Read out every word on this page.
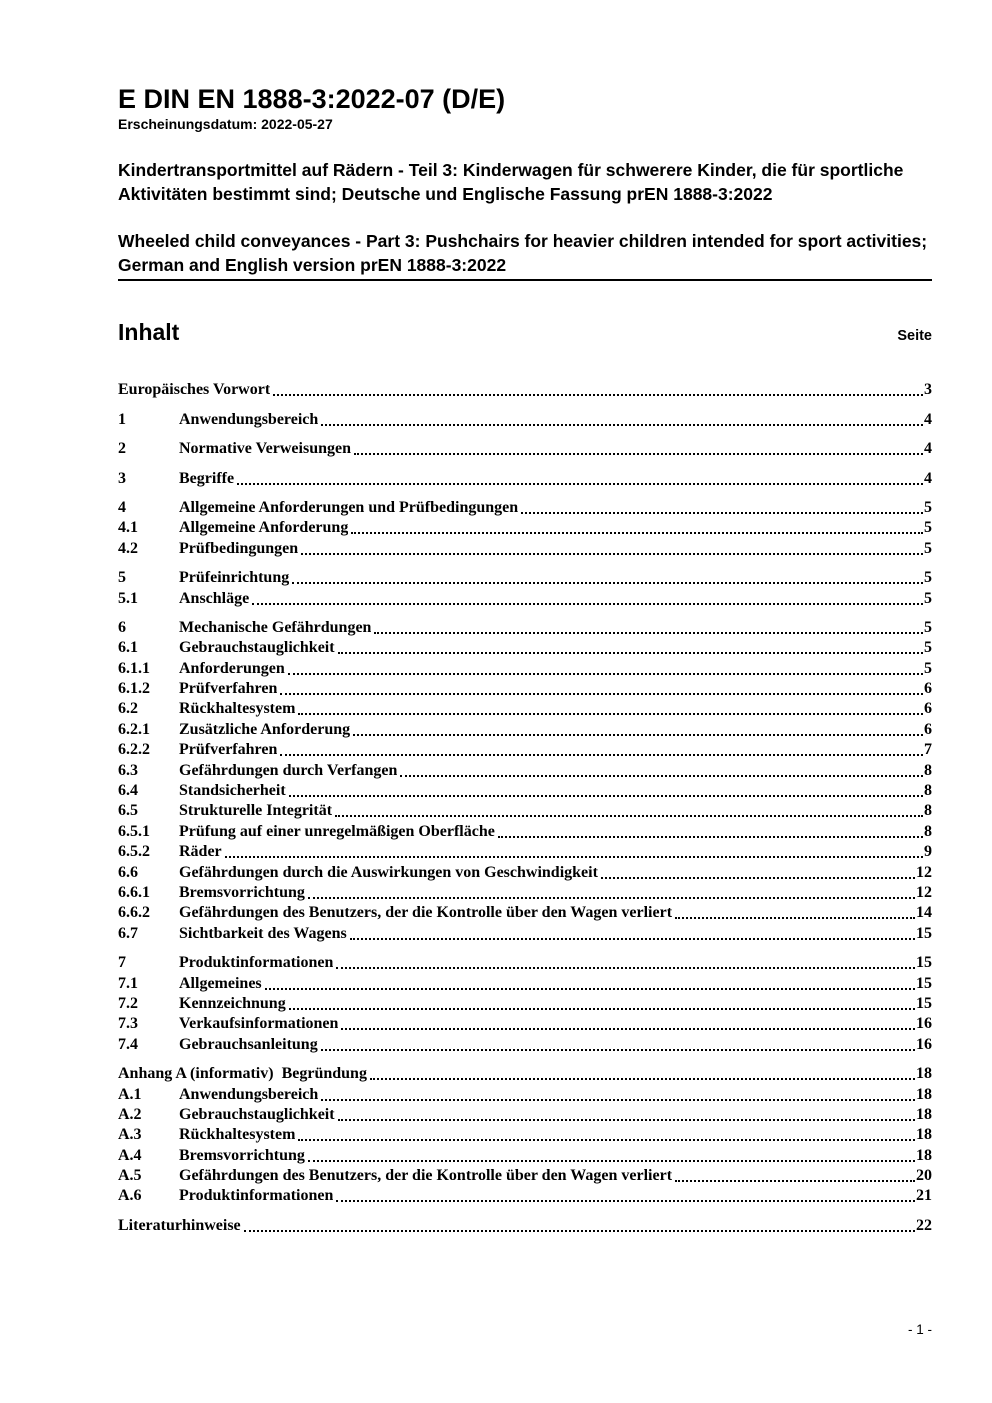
E DIN EN 1888-3:2022-07 (D/E)
Erscheinungsdatum: 2022-05-27

Kindertransportmittel auf Rädern - Teil 3: Kinderwagen für schwerere Kinder, die für sportliche Aktivitäten bestimmt sind; Deutsche und Englische Fassung prEN 1888-3:2022

Wheeled child conveyances - Part 3: Pushchairs for heavier children intended for sport activities; German and English version prEN 1888-3:2022

Inhalt	Seite
Europäisches Vorwort	3
1	Anwendungsbereich	4
2	Normative Verweisungen	4
3	Begriffe	4
4	Allgemeine Anforderungen und Prüfbedingungen	5
4.1	Allgemeine Anforderung	5
4.2	Prüfbedingungen	5
5	Prüfeinrichtung	5
5.1	Anschläge	5
6	Mechanische Gefährdungen	5
6.1	Gebrauchstauglichkeit	5
6.1.1	Anforderungen	5
6.1.2	Prüfverfahren	6
6.2	Rückhaltesystem	6
6.2.1	Zusätzliche Anforderung	6
6.2.2	Prüfverfahren	7
6.3	Gefährdungen durch Verfangen	8
6.4	Standsicherheit	8
6.5	Strukturelle Integrität	8
6.5.1	Prüfung auf einer unregelmäßigen Oberfläche	8
6.5.2	Räder	9
6.6	Gefährdungen durch die Auswirkungen von Geschwindigkeit	12
6.6.1	Bremsvorrichtung	12
6.6.2	Gefährdungen des Benutzers, der die Kontrolle über den Wagen verliert	14
6.7	Sichtbarkeit des Wagens	15
7	Produktinformationen	15
7.1	Allgemeines	15
7.2	Kennzeichnung	15
7.3	Verkaufsinformationen	16
7.4	Gebrauchsanleitung	16
Anhang A (informativ)  Begründung	18
A.1	Anwendungsbereich	18
A.2	Gebrauchstauglichkeit	18
A.3	Rückhaltesystem	18
A.4	Bremsvorrichtung	18
A.5	Gefährdungen des Benutzers, der die Kontrolle über den Wagen verliert	20
A.6	Produktinformationen	21
Literaturhinweise	22
- 1 -
